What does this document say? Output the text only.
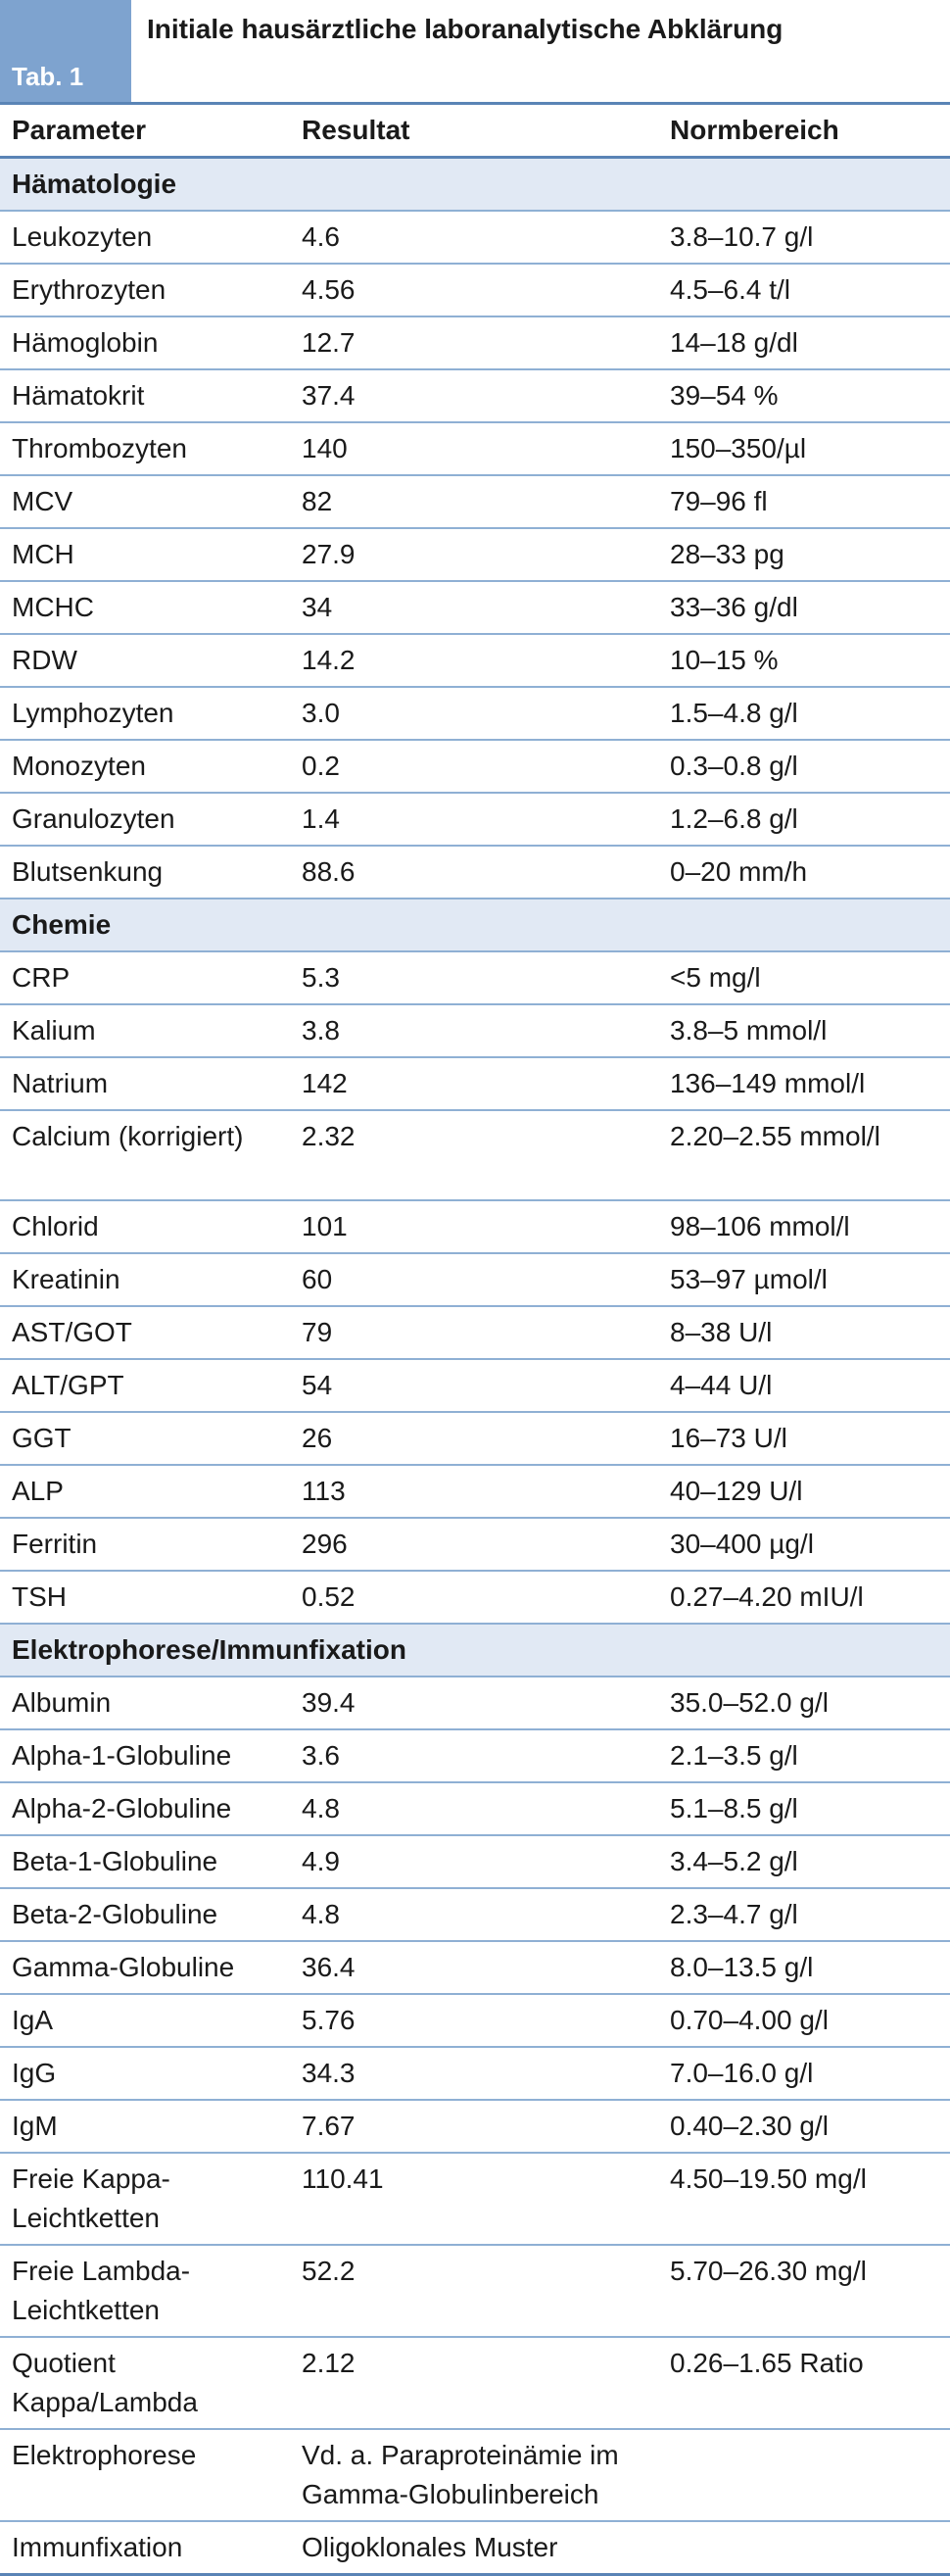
Tab. 1
Initiale hausärztliche laboranalytische Abklärung
Parameter	Resultat	Normbereich
Hämatologie		
Leukozyten	4.6	3.8–10.7 g/l
Erythrozyten	4.56	4.5–6.4 t/l
Hämoglobin	12.7	14–18 g/dl
Hämatokrit	37.4	39–54 %
Thrombozyten	140	150–350/µl
MCV	82	79–96 fl
MCH	27.9	28–33 pg
MCHC	34	33–36 g/dl
RDW	14.2	10–15 %
Lymphozyten	3.0	1.5–4.8 g/l
Monozyten	0.2	0.3–0.8 g/l
Granulozyten	1.4	1.2–6.8 g/l
Blutsenkung	88.6	0–20 mm/h
Chemie		
CRP	5.3	<5 mg/l
Kalium	3.8	3.8–5 mmol/l
Natrium	142	136–149 mmol/l
Calcium (korrigiert)	2.32	2.20–2.55 mmol/l
Chlorid	101	98–106 mmol/l
Kreatinin	60	53–97 µmol/l
AST/GOT	79	8–38 U/l
ALT/GPT	54	4–44 U/l
GGT	26	16–73 U/l
ALP	113	40–129 U/l
Ferritin	296	30–400 µg/l
TSH	0.52	0.27–4.20 mIU/l
Elektrophorese/Immunfixation		
Albumin	39.4	35.0–52.0 g/l
Alpha-1-Globuline	3.6	2.1–3.5 g/l
Alpha-2-Globuline	4.8	5.1–8.5 g/l
Beta-1-Globuline	4.9	3.4–5.2 g/l
Beta-2-Globuline	4.8	2.3–4.7 g/l
Gamma-Globuline	36.4	8.0–13.5 g/l
IgA	5.76	0.70–4.00 g/l
IgG	34.3	7.0–16.0 g/l
IgM	7.67	0.40–2.30 g/l
Freie Kappa-Leichtketten	110.41	4.50–19.50 mg/l
Freie Lambda-Leichtketten	52.2	5.70–26.30 mg/l
Quotient Kappa/Lambda	2.12	0.26–1.65 Ratio
Elektrophorese	Vd. a. Paraproteinämie im Gamma-Globulinbereich	
Immunfixation	Oligoklonales Muster	
